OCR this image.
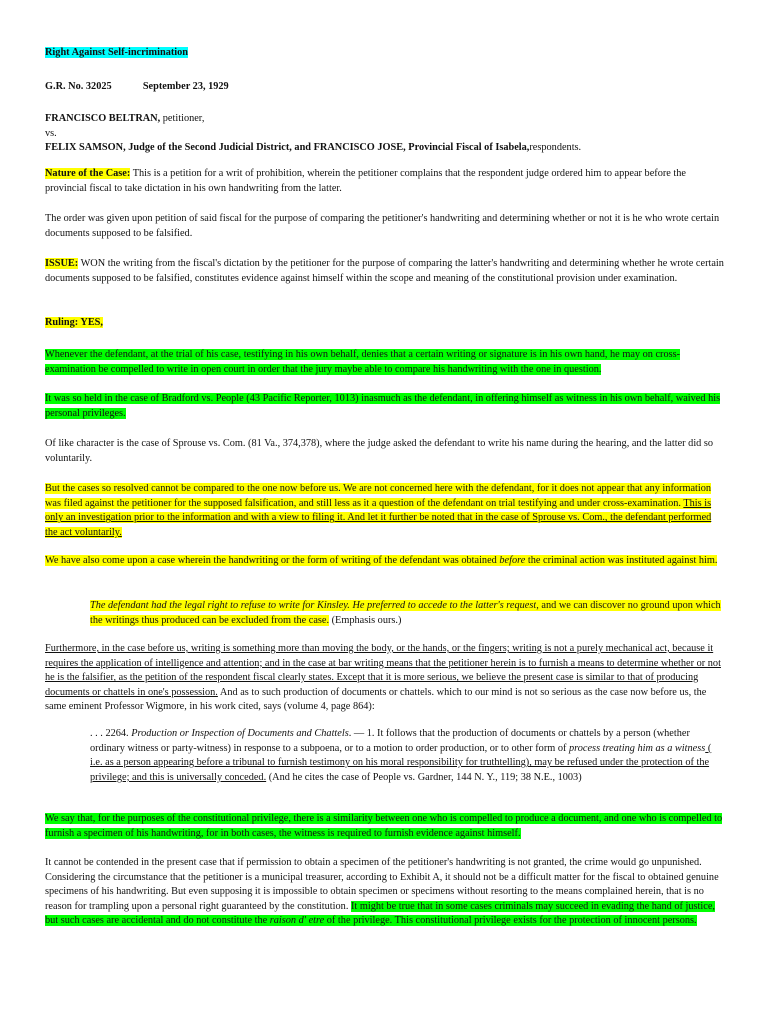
Right Against Self-incrimination
G.R. No. 32025	September 23, 1929

FRANCISCO BELTRAN, petitioner,

vs.

FELIX SAMSON, Judge of the Second Judicial District, and FRANCISCO JOSE, Provincial Fiscal of Isabela,respondents.

Nature of the Case: This is a petition for a writ of prohibition, wherein the petitioner complains that the respondent judge ordered him to appear before the provincial fiscal to take dictation in his own handwriting from the latter.
The order was given upon petition of said fiscal for the purpose of comparing the petitioner's handwriting and determining whether or not it is he who wrote certain documents supposed to be falsified.
ISSUE: WON the writing from the fiscal's dictation by the petitioner for the purpose of comparing the latter's handwriting and determining whether he wrote certain documents supposed to be falsified, constitutes evidence against himself within the scope and meaning of the constitutional provision under examination.
Ruling: YES,
Whenever the defendant, at the trial of his case, testifying in his own behalf, denies that a certain writing or signature is in his own hand, he may on cross-examination be compelled to write in open court in order that the jury maybe able to compare his handwriting with the one in question.
It was so held in the case of Bradford vs. People (43 Pacific Reporter, 1013) inasmuch as the defendant, in offering himself as witness in his own behalf, waived his personal privileges.
Of like character is the case of Sprouse vs. Com. (81 Va., 374,378), where the judge asked the defendant to write his name during the hearing, and the latter did so voluntarily.
But the cases so resolved cannot be compared to the one now before us. We are not concerned here with the defendant, for it does not appear that any information was filed against the petitioner for the supposed falsification, and still less as it a question of the defendant on trial testifying and under cross-examination. This is only an investigation prior to the information and with a view to filing it. And let it further be noted that in the case of Sprouse vs. Com., the defendant performed the act voluntarily.
We have also come upon a case wherein the handwriting or the form of writing of the defendant was obtained before the criminal action was instituted against him.
The defendant had the legal right to refuse to write for Kinsley. He preferred to accede to the latter's request, and we can discover no ground upon which the writings thus produced can be excluded from the case. (Emphasis ours.)
Furthermore, in the case before us, writing is something more than moving the body, or the hands, or the fingers; writing is not a purely mechanical act, because it requires the application of intelligence and attention; and in the case at bar writing means that the petitioner herein is to furnish a means to determine whether or not he is the falsifier, as the petition of the respondent fiscal clearly states. Except that it is more serious, we believe the present case is similar to that of producing documents or chattels in one's possession. And as to such production of documents or chattels. which to our mind is not so serious as the case now before us, the same eminent Professor Wigmore, in his work cited, says (volume 4, page 864):
. . . 2264. Production or Inspection of Documents and Chattels. — 1. It follows that the production of documents or chattels by a person (whether ordinary witness or party-witness) in response to a subpoena, or to a motion to order production, or to other form of process treating him as a witness ( i.e. as a person appearing before a tribunal to furnish testimony on his moral responsibility for truthtelling), may be refused under the protection of the privilege; and this is universally conceded. (And he cites the case of People vs. Gardner, 144 N. Y., 119; 38 N.E., 1003)
We say that, for the purposes of the constitutional privilege, there is a similarity between one who is compelled to produce a document, and one who is compelled to furnish a specimen of his handwriting, for in both cases, the witness is required to furnish evidence against himself.
It cannot be contended in the present case that if permission to obtain a specimen of the petitioner's handwriting is not granted, the crime would go unpunished. Considering the circumstance that the petitioner is a municipal treasurer, according to Exhibit A, it should not be a difficult matter for the fiscal to obtained genuine specimens of his handwriting. But even supposing it is impossible to obtain specimen or specimens without resorting to the means complained herein, that is no reason for trampling upon a personal right guaranteed by the constitution. It might be true that in some cases criminals may succeed in evading the hand of justice, but such cases are accidental and do not constitute the raison d' etre of the privilege. This constitutional privilege exists for the protection of innocent persons.
